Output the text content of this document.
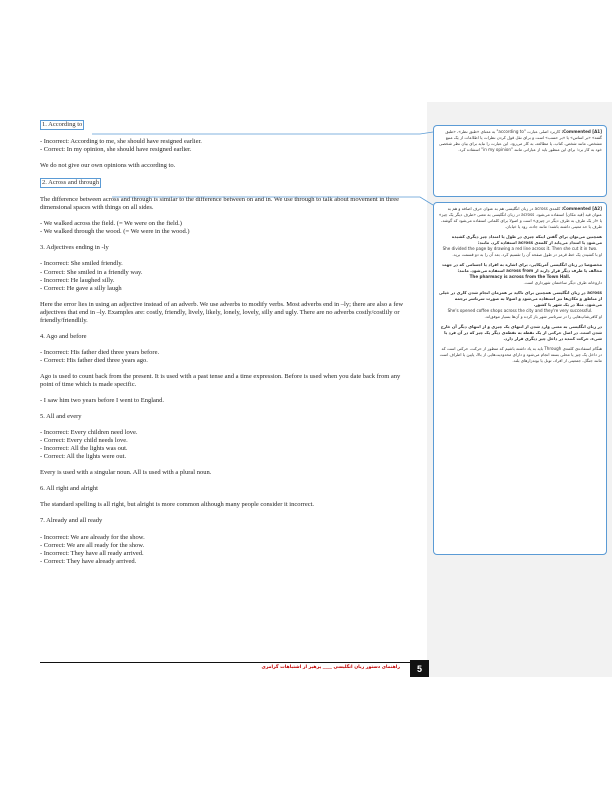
1. According to

- Incorrect: According to me, she should have resigned earlier.

- Correct: In my opinion, she should have resigned earlier.

We do not give our own opinions with according to.

2. Across and through

The difference between across and through is similar to the difference between on and in. We use through to talk about movement in three dimensional spaces with things on all sides.

- We walked across the field. (= We were on the field.)

- We walked through the wood. (= We were in the wood.)

3. Adjectives ending in -ly

- Incorrect: She smiled friendly.

- Correct: She smiled in a friendly way.

- Incorrect: He laughed silly.

- Correct: He gave a silly laugh

Here the error lies in using an adjective instead of an adverb. We use adverbs to modify verbs. Most adverbs end in –ly; there are also a few adjectives that end in –ly. Examples are: costly, friendly, lively, likely, lonely, lovely, silly and ugly. There are no adverbs costly/costlily or friendly/friendlily.

4. Ago and before

- Incorrect: His father died three years before.

- Correct: His father died three years ago.

Ago is used to count back from the present. It is used with a past tense and a time expression. Before is used when you date back from any point of time which is made specific.

- I saw him two years before I went to England.

5. All and every

- Incorrect: Every children need love.

- Correct: Every child needs love.

- Incorrect: All the lights was out.

- Correct: All the lights were out.

Every is used with a singular noun. All is used with a plural noun.

6. All right and alright

The standard spelling is all right, but alright is more common although many people consider it incorrect.

7. Already and all ready

- Incorrect: We are already for the show.

- Correct: We are all ready for the show.

- Incorrect: They have all ready arrived.

- Correct: They have already arrived.

Commented [A1]: کاربرد اصلی عبارت "according to" به معنای «طبق نظر»، «طبق گفته» «بر اساس» یا «بر حسب» است و برای نقل قول کردن نظرات یا اطلاعات از یک منبع مشخص، مانند شخص، کتاب، یا مطالعه، به کار می‌رود. این عبارت را نباید برای بیان نظر شخصی خود به کار برد؛ برای این منظور باید از عباراتی مانند "in my opinion" استفاده کرد.

Commented [A2]: کلمه‌ی across در زبان انگلیسی هم به عنوان حرف اضافه و هم به عنوان قید (قید مکان) استفاده می‌شود. across در زبان انگلیسی به معنی «طرف دیگر یک چیز» یا «از یک طرف به طرف دیگر در چیزی» است و اصولا برای کلماتی استفاده می‌شود که گوشه، طرف یا حد معینی داشته باشند؛ مانند جاده، رود یا خیابان.

همچنین می‌توان برای گفتن اینکه چیزی در طول یا امتداد چیز دیگری کشیده می‌شود یا امتداد می‌یابد از کلمه‌ی across استفاده کرد. مانند:

She divided the page by drawing a red line across it. Then she cut it in two.

او با کشیدن یک خط قرمز در طول صفحه آن را تقسیم کرد. بعد آن را به دو قسمت برید.

مخصوصا در زبان انگلیسی آمریکایی، برای اشاره به افراد یا اجسامی که در جهت مخالف یا طرف دیگر قرار دارند از across from استفاده می‌شود. مانند:

The pharmacy is across from the Town Hall.

داروخانه طرف دیگر ساختمان شهرداری است.

across در زبان انگلیسی همچنین برای تاکید بر همزمان انجام شدن کاری در خیلی از مناطق و مکان‌ها نیز استفاده می‌شود و اصولا به صورت سرتاسر ترجمه می‌شود. مثلا در یک شهر یا کشور.

She's opened coffee shops across the city and they're very successful.

او کافی‌شاپ‌هایی را در سرتاسر شهر باز کرده و آن‌ها بسیار موفق‌اند.

در زبان انگلیسی به معنی وارد شدن از انتهای یک چیزی و از انتهای دیگر آن خارج شدن است. در اصل حرکتی از یک نقطه به نقطه‌ی دیگر یک چیز که در آن فرد یا شیء، حرکت کننده در داخل چیز دیگری قرار دارد.

هنگام استفاده‌ی کلمه‌ی Through باید به یاد داشته باشیم که منظور از حرکت، حرکتی است که در داخل یک چیز یا محلی بسته انجام می‌شود و دارای محدودیت‌هایی از بالا، پایین یا اطراف است مانند جنگل، جمعیتی از افراد، تونل یا بوته‌زارهای بلند.

راهنمای دستور زبان انگلیسی ____ پرهیز از اشتباهات گرامری	5
